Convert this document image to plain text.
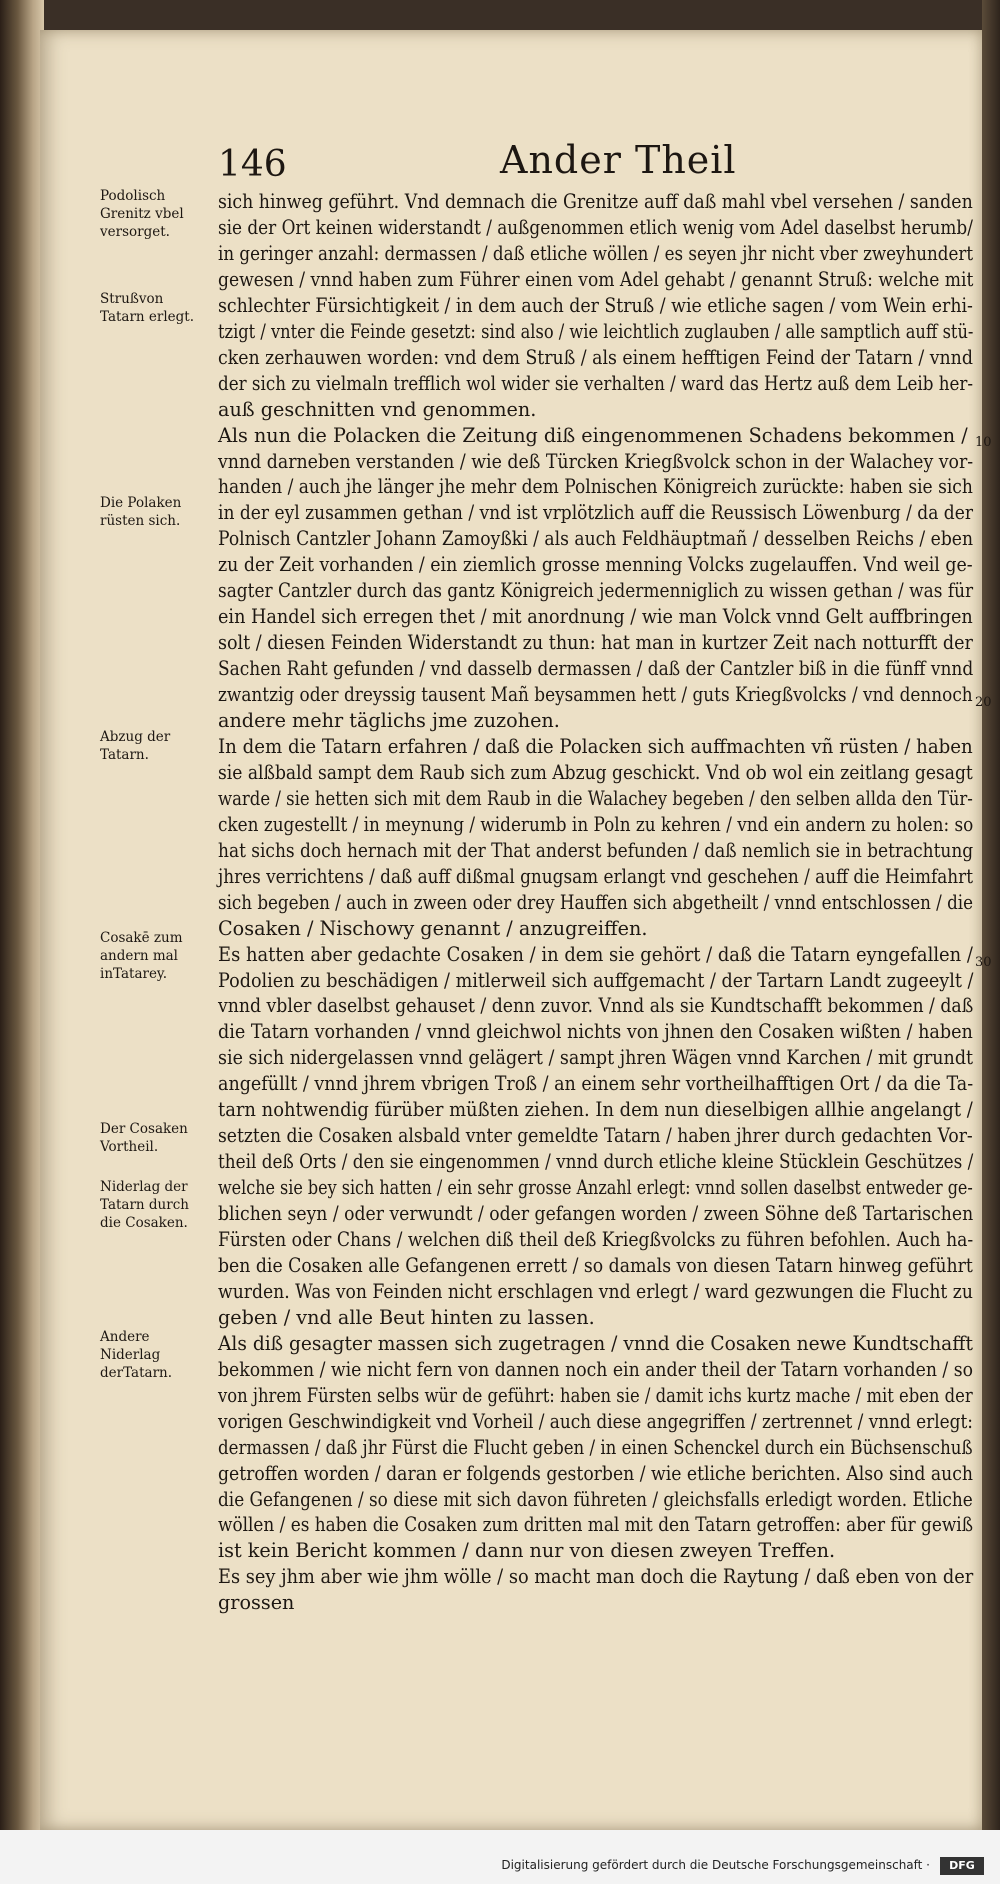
146	Ander Theil
Podolisch Grenitz vbel versorget.
Strußvon Tatarn erlegt.
Die Polaken rüsten sich.
Abzug der Tatarn.
Cosakē zum andern mal inTatarey.
Der Cosaken Vortheil.
Niderlag der Tatarn durch die Cosaken.
Andere Niderlag derTatarn.
sich hinweg geführt. Vnd demnach die Grenitze auff daß mahl vbel versehen / sanden
sie der Ort keinen widerstandt / außgenommen etlich wenig vom Adel daselbst herumb/
in geringer anzahl: dermassen / daß etliche wöllen / es seyen jhr nicht vber zweyhundert
gewesen / vnnd haben zum Führer einen vom Adel gehabt / genannt Struß: welche mit
schlechter Fürsichtigkeit / in dem auch der Struß / wie etliche sagen / vom Wein erhi-
tzigt / vnter die Feinde gesetzt: sind also / wie leichtlich zuglauben / alle samptlich auff stü-
cken zerhauwen worden: vnd dem Struß / als einem hefftigen Feind der Tatarn / vnnd
der sich zu vielmaln trefflich wol wider sie verhalten / ward das Hertz auß dem Leib her-
auß geschnitten vnd genommen.
Als nun die Polacken die Zeitung diß eingenommenen Schadens bekommen /
vnnd darneben verstanden / wie deß Türcken Kriegßvolck schon in der Walachey vor-
handen / auch jhe länger jhe mehr dem Polnischen Königreich zurückte: haben sie sich
in der eyl zusammen gethan / vnd ist vrplötzlich auff die Reussisch Löwenburg / da der
Polnisch Cantzler Johann Zamoyßki / als auch Feldhäuptmañ / desselben Reichs / eben
zu der Zeit vorhanden / ein ziemlich grosse menning Volcks zugelauffen. Vnd weil ge-
sagter Cantzler durch das gantz Königreich jedermenniglich zu wissen gethan / was für
ein Handel sich erregen thet / mit anordnung / wie man Volck vnnd Gelt auffbringen
solt / diesen Feinden Widerstandt zu thun: hat man in kurtzer Zeit nach notturfft der
Sachen Raht gefunden / vnd dasselb dermassen / daß der Cantzler biß in die fünff vnnd
zwantzig oder dreyssig tausent Mañ beysammen hett / guts Kriegßvolcks / vnd dennoch
andere mehr täglichs jme zuzohen.
In dem die Tatarn erfahren / daß die Polacken sich auffmachten vñ rüsten / haben
sie alßbald sampt dem Raub sich zum Abzug geschickt. Vnd ob wol ein zeitlang gesagt
warde / sie hetten sich mit dem Raub in die Walachey begeben / den selben allda den Tür-
cken zugestellt / in meynung / widerumb in Poln zu kehren / vnd ein andern zu holen: so
hat sichs doch hernach mit der That anderst befunden / daß nemlich sie in betrachtung
jhres verrichtens / daß auff dißmal gnugsam erlangt vnd geschehen / auff die Heimfahrt
sich begeben / auch in zween oder drey Hauffen sich abgetheilt / vnnd entschlossen / die
Cosaken / Nischowy genannt / anzugreiffen.
Es hatten aber gedachte Cosaken / in dem sie gehört / daß die Tatarn eyngefallen /
Podolien zu beschädigen / mitlerweil sich auffgemacht / der Tartarn Landt zugeeylt /
vnnd vbler daselbst gehauset / denn zuvor. Vnnd als sie Kundtschafft bekommen / daß
die Tatarn vorhanden / vnnd gleichwol nichts von jhnen den Cosaken wißten / haben
sie sich nidergelassen vnnd gelägert / sampt jhren Wägen vnnd Karchen / mit grundt
angefüllt / vnnd jhrem vbrigen Troß / an einem sehr vortheilhafftigen Ort / da die Ta-
tarn nohtwendig fürüber müßten ziehen. In dem nun dieselbigen allhie angelangt /
setzten die Cosaken alsbald vnter gemeldte Tatarn / haben jhrer durch gedachten Vor-
theil deß Orts / den sie eingenommen / vnnd durch etliche kleine Stücklein Geschützes /
welche sie bey sich hatten / ein sehr grosse Anzahl erlegt: vnnd sollen daselbst entweder ge-
blichen seyn / oder verwundt / oder gefangen worden / zween Söhne deß Tartarischen
Fürsten oder Chans / welchen diß theil deß Kriegßvolcks zu führen befohlen. Auch ha-
ben die Cosaken alle Gefangenen errett / so damals von diesen Tatarn hinweg geführt
wurden. Was von Feinden nicht erschlagen vnd erlegt / ward gezwungen die Flucht zu
geben / vnd alle Beut hinten zu lassen.
Als diß gesagter massen sich zugetragen / vnnd die Cosaken newe Kundtschafft
bekommen / wie nicht fern von dannen noch ein ander theil der Tatarn vorhanden / so
von jhrem Fürsten selbs wür de geführt: haben sie / damit ichs kurtz mache / mit eben der
vorigen Geschwindigkeit vnd Vorheil / auch diese angegriffen / zertrennet / vnnd erlegt:
dermassen / daß jhr Fürst die Flucht geben / in einen Schenckel durch ein Büchsenschuß
getroffen worden / daran er folgends gestorben / wie etliche berichten. Also sind auch
die Gefangenen / so diese mit sich davon führeten / gleichsfalls erledigt worden. Etliche
wöllen / es haben die Cosaken zum dritten mal mit den Tatarn getroffen: aber für gewiß
ist kein Bericht kommen / dann nur von diesen zweyen Treffen.
Es sey jhm aber wie jhm wölle / so macht man doch die Raytung / daß eben von der
grossen
10
20
30
Digitalisierung gefördert durch die Deutsche Forschungsgemeinschaft ·	DFG
